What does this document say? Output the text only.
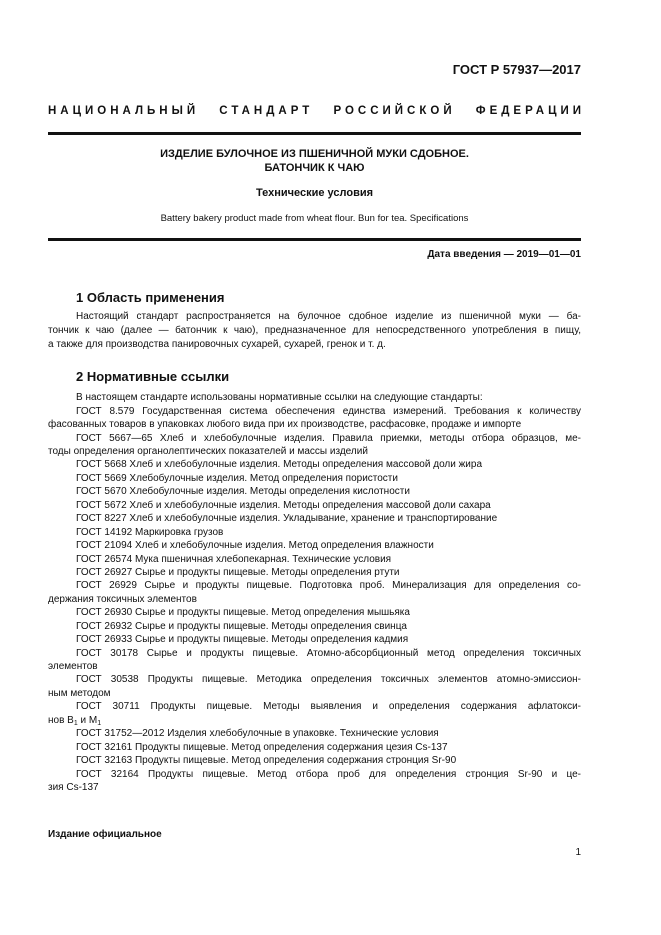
ГОСТ Р 57937—2017
НАЦИОНАЛЬНЫЙ СТАНДАРТ РОССИЙСКОЙ ФЕДЕРАЦИИ
ИЗДЕЛИЕ БУЛОЧНОЕ ИЗ ПШЕНИЧНОЙ МУКИ СДОБНОЕ.
БАТОНЧИК К ЧАЮ
Технические условия
Battery bakery product made from wheat flour. Bun for tea. Specifications
Дата введения — 2019—01—01
1 Область применения
Настоящий стандарт распространяется на булочное сдобное изделие из пшеничной муки — ба-
тончик к чаю (далее — батончик к чаю), предназначенное для непосредственного употребления в пищу,
а также для производства панировочных сухарей, сухарей, гренок и т. д.
2 Нормативные ссылки
В настоящем стандарте использованы нормативные ссылки на следующие стандарты:
ГОСТ 8.579 Государственная система обеспечения единства измерений. Требования к количеству
фасованных товаров в упаковках любого вида при их производстве, расфасовке, продаже и импорте
ГОСТ 5667—65 Хлеб и хлебобулочные изделия. Правила приемки, методы отбора образцов, ме-
тоды определения органолептических показателей и массы изделий
ГОСТ 5668 Хлеб и хлебобулочные изделия. Методы определения массовой доли жира
ГОСТ 5669 Хлебобулочные изделия. Метод определения пористости
ГОСТ 5670 Хлебобулочные изделия. Методы определения кислотности
ГОСТ 5672 Хлеб и хлебобулочные изделия. Методы определения массовой доли сахара
ГОСТ 8227 Хлеб и хлебобулочные изделия. Укладывание, хранение и транспортирование
ГОСТ 14192 Маркировка грузов
ГОСТ 21094 Хлеб и хлебобулочные изделия. Метод определения влажности
ГОСТ 26574 Мука пшеничная хлебопекарная. Технические условия
ГОСТ 26927 Сырье и продукты пищевые. Методы определения ртути
ГОСТ 26929 Сырье и продукты пищевые. Подготовка проб. Минерализация для определения со-
держания токсичных элементов
ГОСТ 26930 Сырье и продукты пищевые. Метод определения мышьяка
ГОСТ 26932 Сырье и продукты пищевые. Методы определения свинца
ГОСТ 26933 Сырье и продукты пищевые. Методы определения кадмия
ГОСТ 30178 Сырье и продукты пищевые. Атомно-абсорбционный метод определения токсичных
элементов
ГОСТ 30538 Продукты пищевые. Методика определения токсичных элементов атомно-эмиссион-
ным методом
ГОСТ 30711 Продукты пищевые. Методы выявления и определения содержания афлатокси-
нов $B_1$ и $M_1$
ГОСТ 31752—2012 Изделия хлебобулочные в упаковке. Технические условия
ГОСТ 32161 Продукты пищевые. Метод определения содержания цезия Cs-137
ГОСТ 32163 Продукты пищевые. Метод определения содержания стронция Sr-90
ГОСТ 32164 Продукты пищевые. Метод отбора проб для определения стронция Sr-90 и це-
зия Cs-137
Издание официальное
1
